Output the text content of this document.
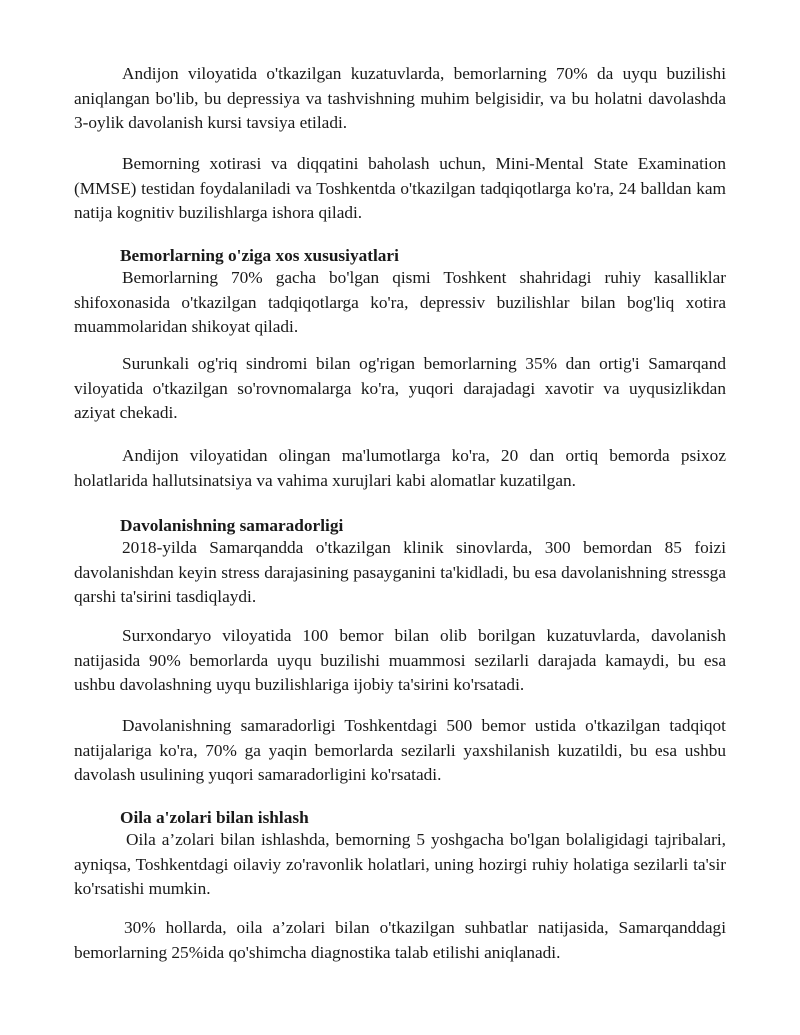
Andijon viloyatida o'tkazilgan kuzatuvlarda, bemorlarning 70% da uyqu buzilishi aniqlangan bo'lib, bu depressiya va tashvishning muhim belgisidir, va bu holatni davolashda 3-oylik davolanish kursi tavsiya etiladi.

Bemorning xotirasi va diqqatini baholash uchun, Mini-Mental State Examination (MMSE) testidan foydalaniladi va Toshkentda o'tkazilgan tadqiqotlarga ko'ra, 24 balldan kam natija kognitiv buzilishlarga ishora qiladi.

Bemorlarning o'ziga xos xususiyatlari

Bemorlarning 70% gacha bo'lgan qismi Toshkent shahridagi ruhiy kasalliklar shifoxonasida o'tkazilgan tadqiqotlarga ko'ra, depressiv buzilishlar bilan bog'liq xotira muammolaridan shikoyat qiladi.

Surunkali og'riq sindromi bilan og'rigan bemorlarning 35% dan ortig'i Samarqand viloyatida o'tkazilgan so'rovnomalarga ko'ra, yuqori darajadagi xavotir va uyqusizlikdan aziyat chekadi.

Andijon viloyatidan olingan ma'lumotlarga ko'ra, 20 dan ortiq bemorda psixoz holatlarida hallutsinatsiya va vahima xurujlari kabi alomatlar kuzatilgan.

Davolanishning samaradorligi

2018-yilda Samarqandda o'tkazilgan klinik sinovlarda, 300 bemordan 85 foizi davolanishdan keyin stress darajasining pasayganini ta'kidladi, bu esa davolanishning stressga qarshi ta'sirini tasdiqlaydi.

Surxondaryo viloyatida 100 bemor bilan olib borilgan kuzatuvlarda, davolanish natijasida 90% bemorlarda uyqu buzilishi muammosi sezilarli darajada kamaydi, bu esa ushbu davolashning uyqu buzilishlariga ijobiy ta'sirini ko'rsatadi.

Davolanishning samaradorligi Toshkentdagi 500 bemor ustida o'tkazilgan tadqiqot natijalariga ko'ra, 70% ga yaqin bemorlarda sezilarli yaxshilanish kuzatildi, bu esa ushbu davolash usulining yuqori samaradorligini ko'rsatadi.

Oila a'zolari bilan ishlash

Oila a’zolari bilan ishlashda, bemorning 5 yoshgacha bo'lgan bolaligidagi tajribalari, ayniqsa, Toshkentdagi oilaviy zo'ravonlik holatlari, uning hozirgi ruhiy holatiga sezilarli ta'sir ko'rsatishi mumkin.

30% hollarda, oila a’zolari bilan o'tkazilgan suhbatlar natijasida, Samarqanddagi bemorlarning 25%ida qo'shimcha diagnostika talab etilishi aniqlanadi.
